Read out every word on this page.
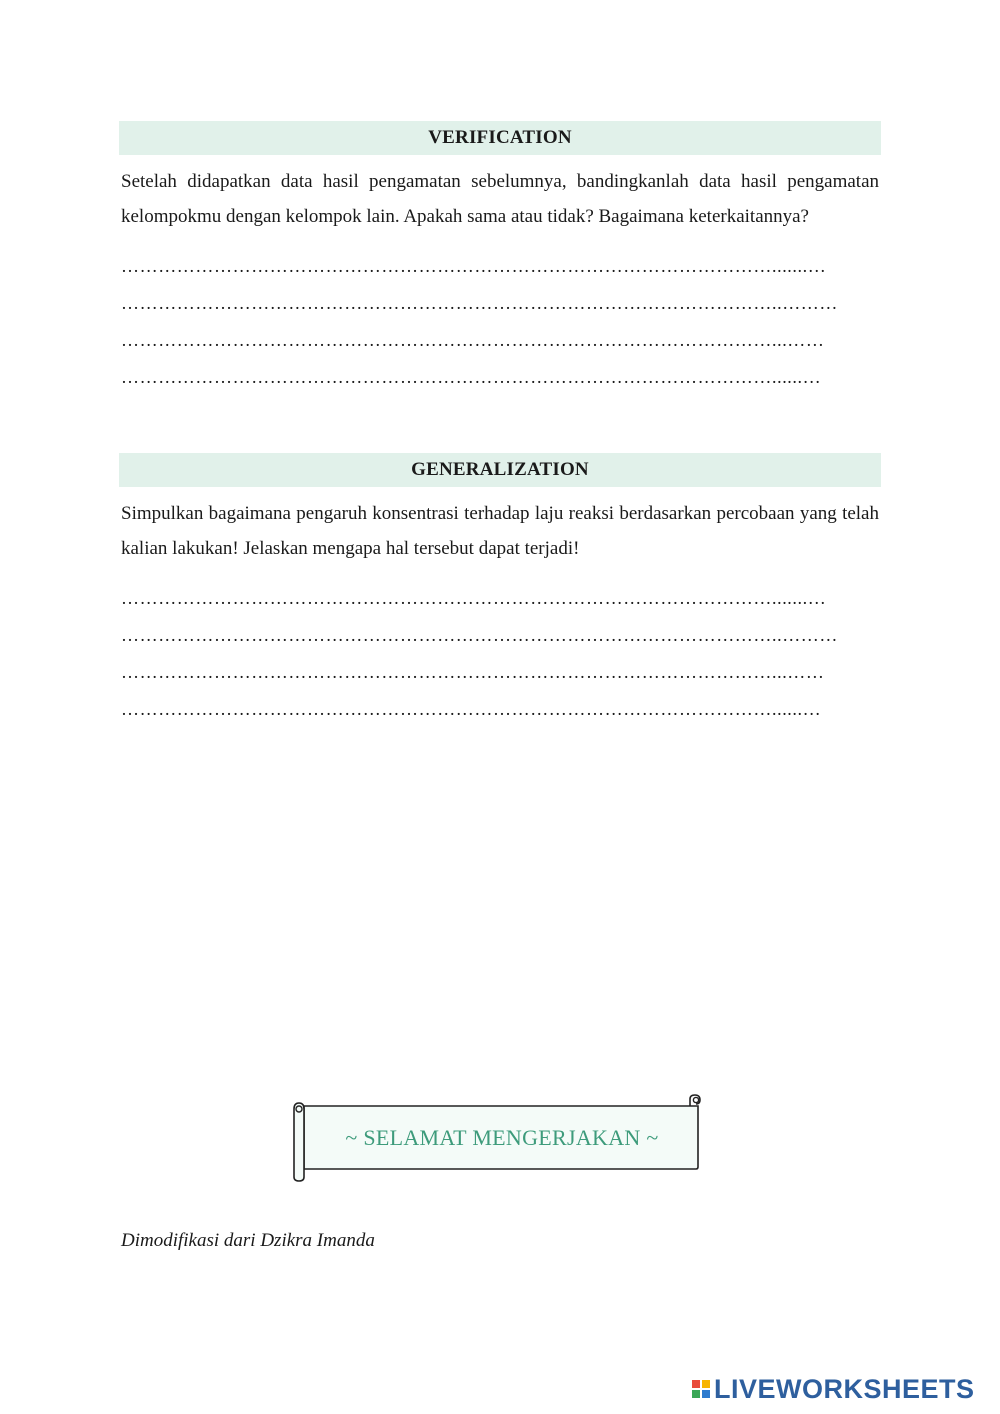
VERIFICATION

Setelah didapatkan data hasil pengamatan sebelumnya, bandingkanlah data hasil pengamatan kelompokmu dengan kelompok lain. Apakah sama atau tidak? Bagaimana keterkaitannya?

…………………………………………………………………………………………….......…
……………………………………………………………………………………………..………
……………………………………………………………………………………………...……
……………………………………………………………………………………………......…
GENERALIZATION

Simpulkan bagaimana pengaruh konsentrasi terhadap laju reaksi berdasarkan percobaan yang telah kalian lakukan! Jelaskan mengapa hal tersebut dapat terjadi!

…………………………………………………………………………………………….......…
……………………………………………………………………………………………..………
……………………………………………………………………………………………...……
……………………………………………………………………………………………......…
~ SELAMAT MENGERJAKAN ~
Dimodifikasi dari Dzikra Imanda
LIVEWORKSHEETS
